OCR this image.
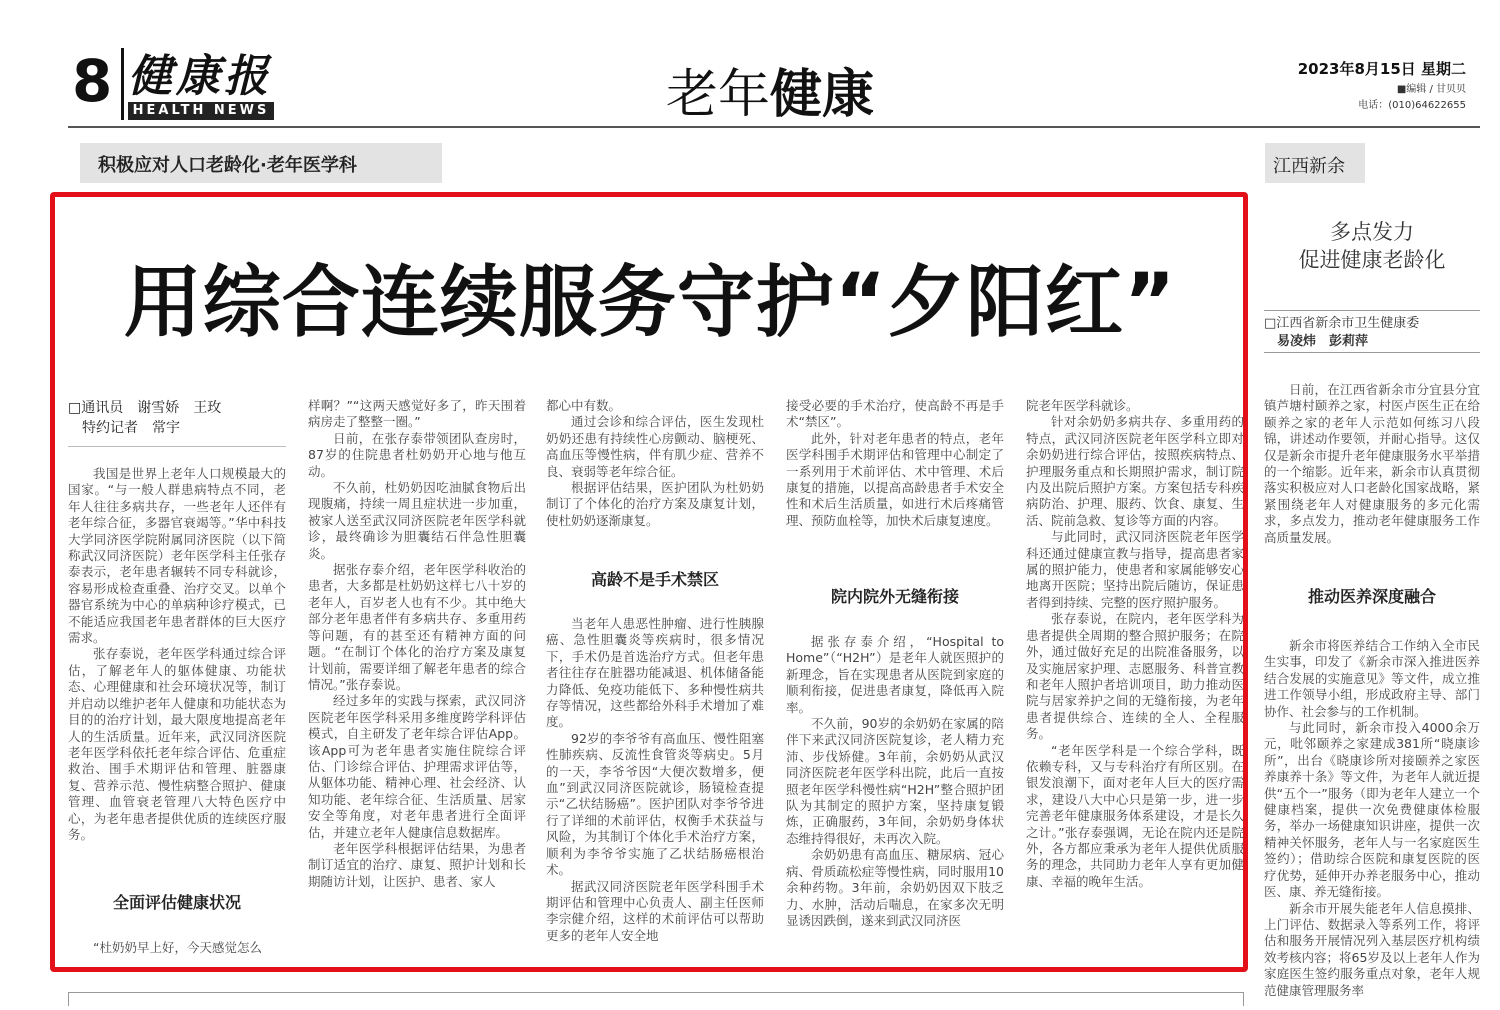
8 健康报
HEALTH NEWS	老年健康	2023年8月15日 星期二
■编辑 / 甘贝贝
电话：(010)64622655
积极应对人口老龄化·老年医学科	江西新余
用综合连续服务守护“夕阳红”
□通讯员　谢雪娇　王玫
　特约记者　常宇

我国是世界上老年人口规模最大的国家。“与一般人群患病特点不同，老年人往往多病共存，一些老年人还伴有老年综合征，多器官衰竭等。”华中科技大学同济医学院附属同济医院（以下简称武汉同济医院）老年医学科主任张存泰表示，老年患者辗转不同专科就诊，容易形成检查重叠、治疗交叉。以单个器官系统为中心的单病种诊疗模式，已不能适应我国老年患者群体的巨大医疗需求。

张存泰说，老年医学科通过综合评估，了解老年人的躯体健康、功能状态、心理健康和社会环境状况等，制订并启动以维护老年人健康和功能状态为目的的治疗计划，最大限度地提高老年人的生活质量。近年来，武汉同济医院老年医学科依托老年综合评估、危重症救治、围手术期评估和管理、脏器康复、营养示范、慢性病整合照护、健康管理、血管衰老管理八大特色医疗中心，为老年患者提供优质的连续医疗服务。

全面评估健康状况

“杜奶奶早上好，今天感觉怎么

样啊？”“这两天感觉好多了，昨天围着病房走了整整一圈。”

日前，在张存泰带领团队查房时，87岁的住院患者杜奶奶开心地与他互动。

不久前，杜奶奶因吃油腻食物后出现腹痛，持续一周且症状进一步加重，被家人送至武汉同济医院老年医学科就诊，最终确诊为胆囊结石伴急性胆囊炎。

据张存泰介绍，老年医学科收治的患者，大多都是杜奶奶这样七八十岁的老年人，百岁老人也有不少。其中绝大部分老年患者伴有多病共存、多重用药等问题，有的甚至还有精神方面的问题。“在制订个体化的治疗方案及康复计划前，需要详细了解老年患者的综合情况。”张存泰说。

经过多年的实践与探索，武汉同济医院老年医学科采用多维度跨学科评估模式，自主研发了老年综合评估App。该App可为老年患者实施住院综合评估、门诊综合评估、护理需求评估等，从躯体功能、精神心理、社会经济、认知功能、老年综合征、生活质量、居家安全等角度，对老年患者进行全面评估，并建立老年人健康信息数据库。

老年医学科根据评估结果，为患者制订适宜的治疗、康复、照护计划和长期随访计划，让医护、患者、家人

都心中有数。

通过会诊和综合评估，医生发现杜奶奶还患有持续性心房颤动、脑梗死、高血压等慢性病，伴有肌少症、营养不良、衰弱等老年综合征。

根据评估结果，医护团队为杜奶奶制订了个体化的治疗方案及康复计划，使杜奶奶逐渐康复。

高龄不是手术禁区

当老年人患恶性肿瘤、进行性胰腺癌、急性胆囊炎等疾病时，很多情况下，手术仍是首选治疗方式。但老年患者往往存在脏器功能减退、机体储备能力降低、免疫功能低下、多种慢性病共存等情况，这些都给外科手术增加了难度。

92岁的李爷爷有高血压、慢性阻塞性肺疾病、反流性食管炎等病史。5月的一天，李爷爷因“大便次数增多，便血”到武汉同济医院就诊，肠镜检查提示“乙状结肠癌”。医护团队对李爷爷进行了详细的术前评估，权衡手术获益与风险，为其制订个体化手术治疗方案，顺利为李爷爷实施了乙状结肠癌根治术。

据武汉同济医院老年医学科围手术期评估和管理中心负责人、副主任医师李宗健介绍，这样的术前评估可以帮助更多的老年人安全地

接受必要的手术治疗，使高龄不再是手术“禁区”。

此外，针对老年患者的特点，老年医学科围手术期评估和管理中心制定了一系列用于术前评估、术中管理、术后康复的措施，以提高高龄患者手术安全性和术后生活质量，如进行术后疼痛管理、预防血栓等，加快术后康复速度。

院内院外无缝衔接

据张存泰介绍，“Hospital to Home”（“H2H”）是老年人就医照护的新理念，旨在实现患者从医院到家庭的顺利衔接，促进患者康复，降低再入院率。

不久前，90岁的余奶奶在家属的陪伴下来武汉同济医院复诊，老人精力充沛、步伐矫健。3年前，余奶奶从武汉同济医院老年医学科出院，此后一直按照老年医学科慢性病“H2H”整合照护团队为其制定的照护方案，坚持康复锻炼，正确服药，3年间，余奶奶身体状态维持得很好，未再次入院。

余奶奶患有高血压、糖尿病、冠心病、骨质疏松症等慢性病，同时服用10余种药物。3年前，余奶奶因双下肢乏力、水肿，活动后喘息，在家多次无明显诱因跌倒，遂来到武汉同济医

院老年医学科就诊。

针对余奶奶多病共存、多重用药的特点，武汉同济医院老年医学科立即对余奶奶进行综合评估，按照疾病特点、护理服务重点和长期照护需求，制订院内及出院后照护方案。方案包括专科疾病防治、护理、服药、饮食、康复、生活、院前急救、复诊等方面的内容。

与此同时，武汉同济医院老年医学科还通过健康宣教与指导，提高患者家属的照护能力，使患者和家属能够安心地离开医院；坚持出院后随访，保证患者得到持续、完整的医疗照护服务。

张存泰说，在院内，老年医学科为患者提供全周期的整合照护服务；在院外，通过做好充足的出院准备服务，以及实施居家护理、志愿服务、科普宣教和老年人照护者培训项目，助力推动医院与居家养护之间的无缝衔接，为老年患者提供综合、连续的全人、全程服务。

“老年医学科是一个综合学科，既依赖专科，又与专科治疗有所区别。在银发浪潮下，面对老年人巨大的医疗需求，建设八大中心只是第一步，进一步完善老年健康服务体系建设，才是长久之计。”张存泰强调，无论在院内还是院外，各方都应秉承为老年人提供优质服务的理念，共同助力老年人享有更加健康、幸福的晚年生活。

多点发力
促进健康老龄化
□江西省新余市卫生健康委
　易凌炜　彭莉萍

日前，在江西省新余市分宜县分宜镇芦塘村颐养之家，村医卢医生正在给颐养之家的老年人示范如何练习八段锦，讲述动作要领，并耐心指导。这仅仅是新余市提升老年健康服务水平举措的一个缩影。近年来，新余市认真贯彻落实积极应对人口老龄化国家战略，紧紧围绕老年人对健康服务的多元化需求，多点发力，推动老年健康服务工作高质量发展。

推动医养深度融合

新余市将医养结合工作纳入全市民生实事，印发了《新余市深入推进医养结合发展的实施意见》等文件，成立推进工作领导小组，形成政府主导、部门协作、社会参与的工作机制。

与此同时，新余市投入4000余万元，吡邻颐养之家建成381所“晓康诊所”，出台《晓康诊所对接颐养之家医养康养十条》等文件，为老年人就近提供“五个一”服务（即为老年人建立一个健康档案，提供一次免费健康体检服务，举办一场健康知识讲座，提供一次精神关怀服务，老年人与一名家庭医生签约）；借助综合医院和康复医院的医疗优势，延伸开办养老服务中心，推动医、康、养无缝衔接。

新余市开展失能老年人信息摸排、上门评估、数据录入等系列工作，将评估和服务开展情况列入基层医疗机构绩效考核内容；将65岁及以上老年人作为家庭医生签约服务重点对象，老年人规范健康管理服务率
